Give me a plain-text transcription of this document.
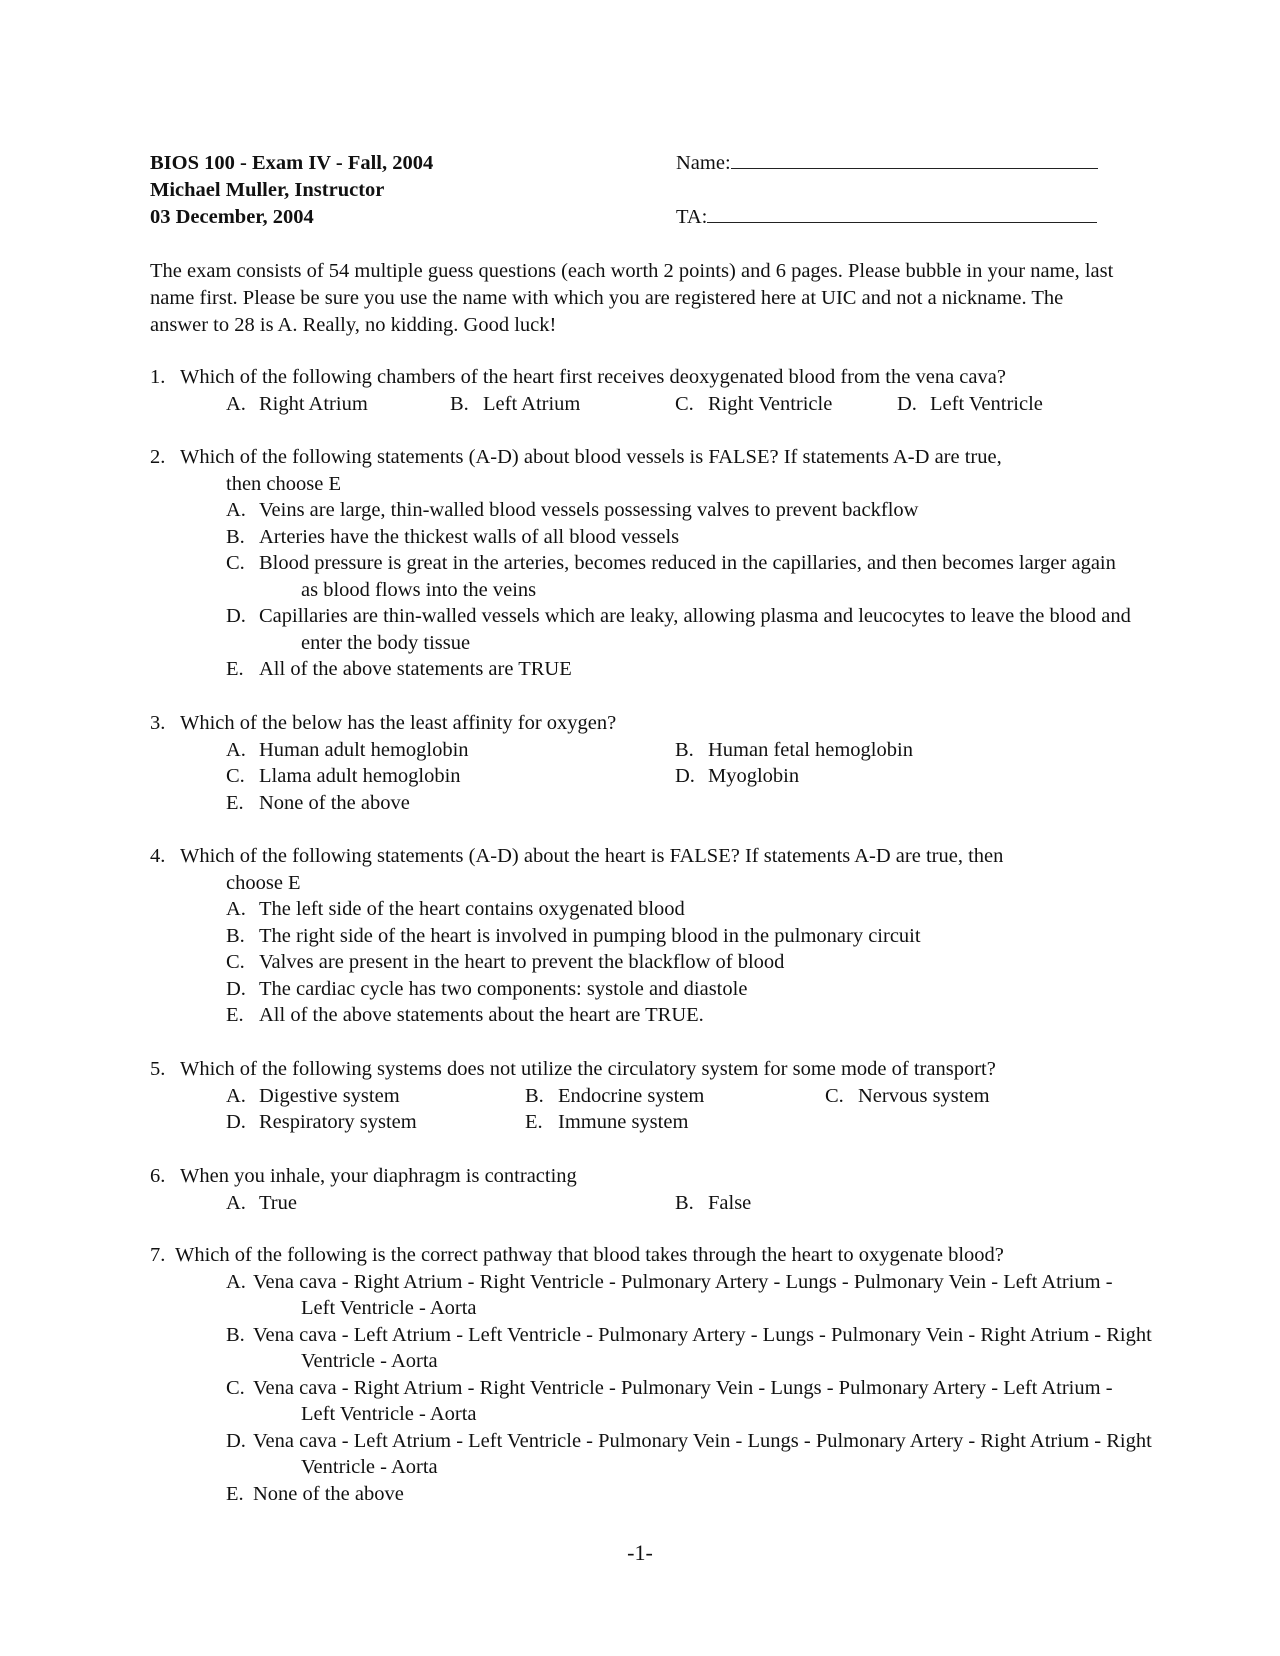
BIOS 100 - Exam IV - Fall, 2004
Michael Muller, Instructor
03 December, 2004
Name:
TA:

The exam consists of 54 multiple guess questions (each worth 2 points) and 6 pages. Please bubble in your name, last name first. Please be sure you use the name with which you are registered here at UIC and not a nickname. The answer to 28 is A. Really, no kidding. Good luck!

1. Which of the following chambers of the heart first receives deoxygenated blood from the vena cava?
A. Right Atrium	B. Left Atrium	C. Right Ventricle	D. Left Ventricle
2. Which of the following statements (A-D) about blood vessels is FALSE? If statements A-D are true,
then choose E
A. Veins are large, thin-walled blood vessels possessing valves to prevent backflow
B. Arteries have the thickest walls of all blood vessels
C. Blood pressure is great in the arteries, becomes reduced in the capillaries, and then becomes larger again as blood flows into the veins
D. Capillaries are thin-walled vessels which are leaky, allowing plasma and leucocytes to leave the blood and enter the body tissue
E. All of the above statements are TRUE
3. Which of the below has the least affinity for oxygen?
A. Human adult hemoglobin	B. Human fetal hemoglobin
C. Llama adult hemoglobin	D. Myoglobin
E. None of the above
4. Which of the following statements (A-D) about the heart is FALSE? If statements A-D are true, then
choose E
A. The left side of the heart contains oxygenated blood
B. The right side of the heart is involved in pumping blood in the pulmonary circuit
C. Valves are present in the heart to prevent the blackflow of blood
D. The cardiac cycle has two components: systole and diastole
E. All of the above statements about the heart are TRUE.
5. Which of the following systems does not utilize the circulatory system for some mode of transport?
A. Digestive system	B. Endocrine system	C. Nervous system
D. Respiratory system	E. Immune system
6. When you inhale, your diaphragm is contracting
A. True	B. False
7. Which of the following is the correct pathway that blood takes through the heart to oxygenate blood?
A. Vena cava - Right Atrium - Right Ventricle - Pulmonary Artery - Lungs - Pulmonary Vein - Left Atrium - Left Ventricle - Aorta
B. Vena cava - Left Atrium - Left Ventricle - Pulmonary Artery - Lungs - Pulmonary Vein - Right Atrium - Right Ventricle - Aorta
C. Vena cava - Right Atrium - Right Ventricle - Pulmonary Vein - Lungs - Pulmonary Artery - Left Atrium - Left Ventricle - Aorta
D. Vena cava - Left Atrium - Left Ventricle - Pulmonary Vein - Lungs - Pulmonary Artery - Right Atrium - Right Ventricle - Aorta
E. None of the above
-1-
